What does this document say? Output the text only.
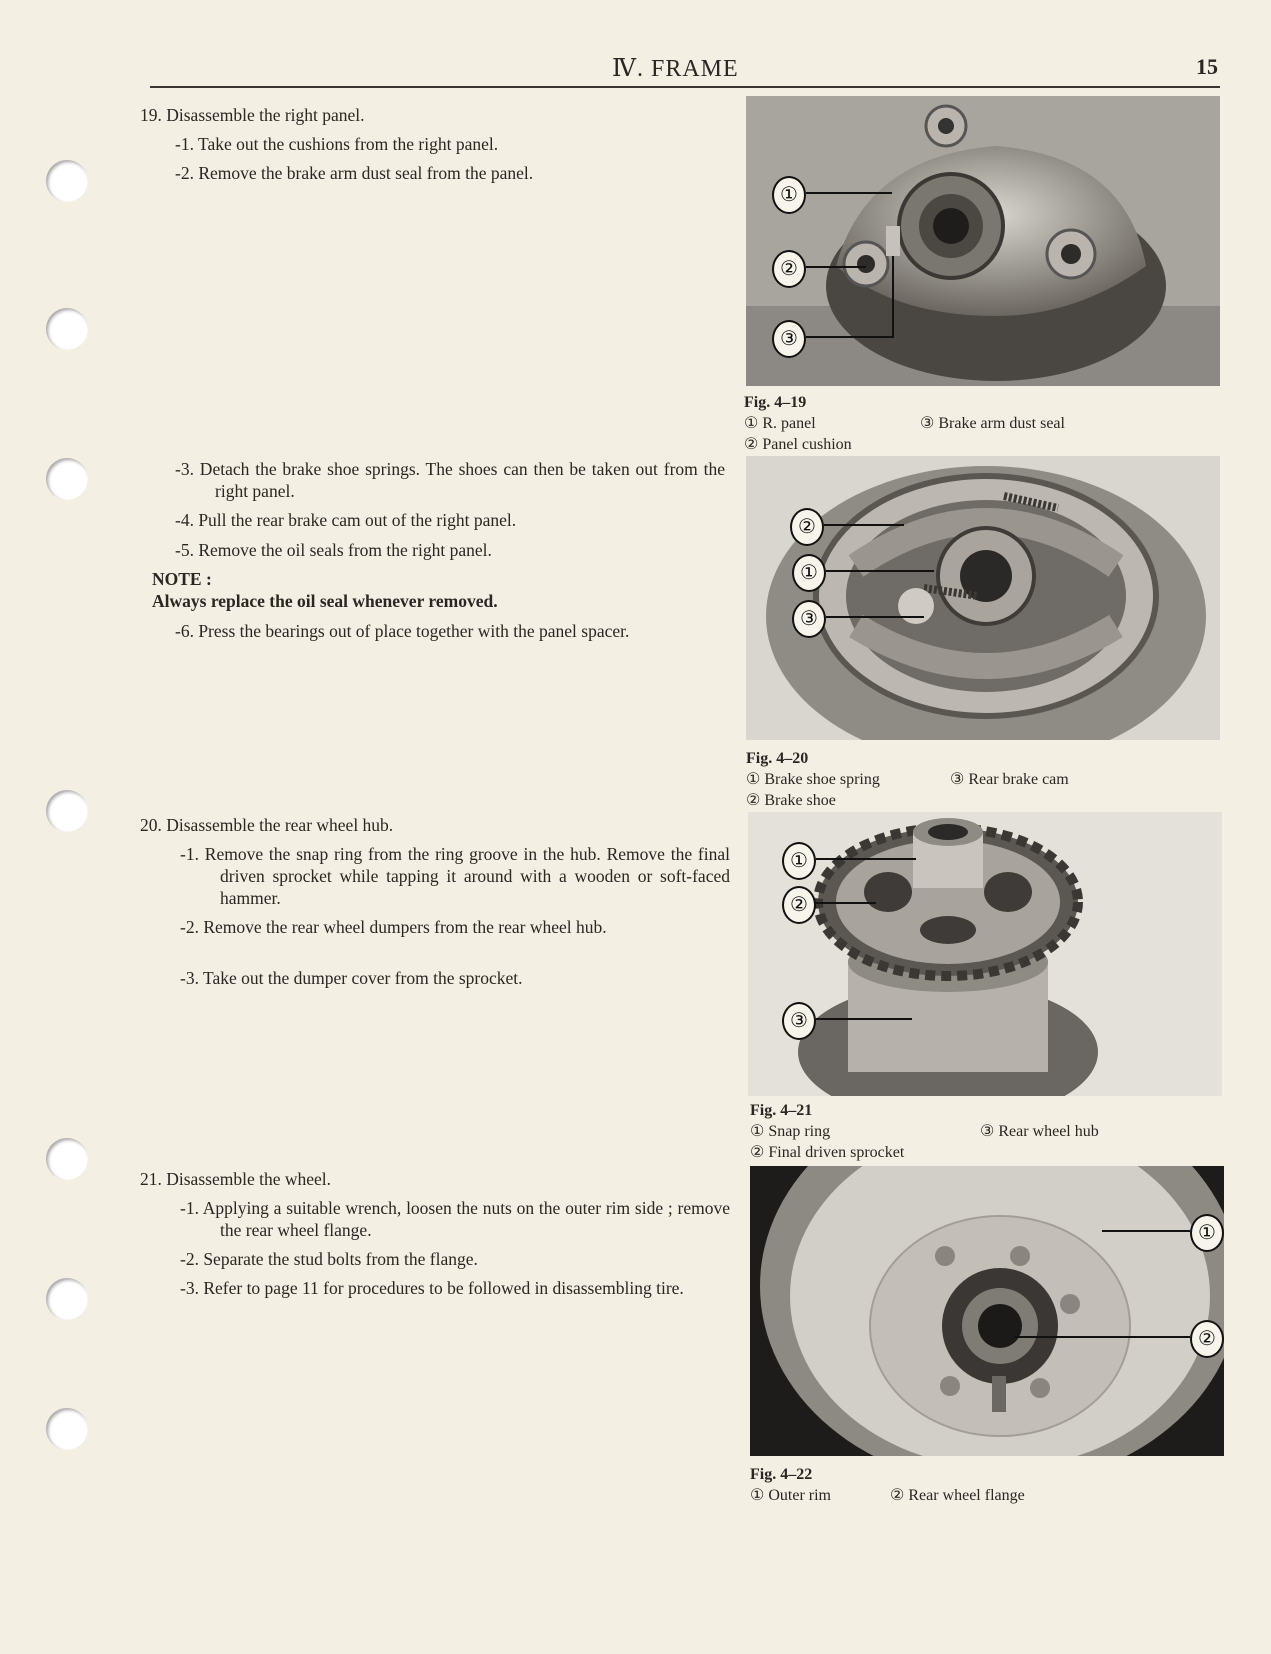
Ⅳ. FRAME	15
19. Disassemble the right panel.
-1. Take out the cushions from the right panel.
-2. Remove the brake arm dust seal from the panel.
-3. Detach the brake shoe springs. The shoes can then be taken out from the right panel.
-4. Pull the rear brake cam out of the right panel.
-5. Remove the oil seals from the right panel.
NOTE :
Always replace the oil seal whenever removed.
-6. Press the bearings out of place together with the panel spacer.
20. Disassemble the rear wheel hub.
-1. Remove the snap ring from the ring groove in the hub. Remove the final driven sprocket while tapping it around with a wooden or soft-faced hammer.
-2. Remove the rear wheel dumpers from the rear wheel hub.
-3. Take out the dumper cover from the sprocket.
21. Disassemble the wheel.
-1. Applying a suitable wrench, loosen the nuts on the outer rim side ; remove the rear wheel flange.
-2. Separate the stud bolts from the flange.
-3. Refer to page 11 for procedures to be followed in disassembling tire.
①
②
③
Fig. 4–19
① R. panel	③ Brake arm dust seal
② Panel cushion
②
①
③
Fig. 4–20
① Brake shoe spring	③ Rear brake cam
② Brake shoe
①
②
③
Fig. 4–21
① Snap ring	③ Rear wheel hub
② Final driven sprocket
①
②
Fig. 4–22
① Outer rim	② Rear wheel flange
